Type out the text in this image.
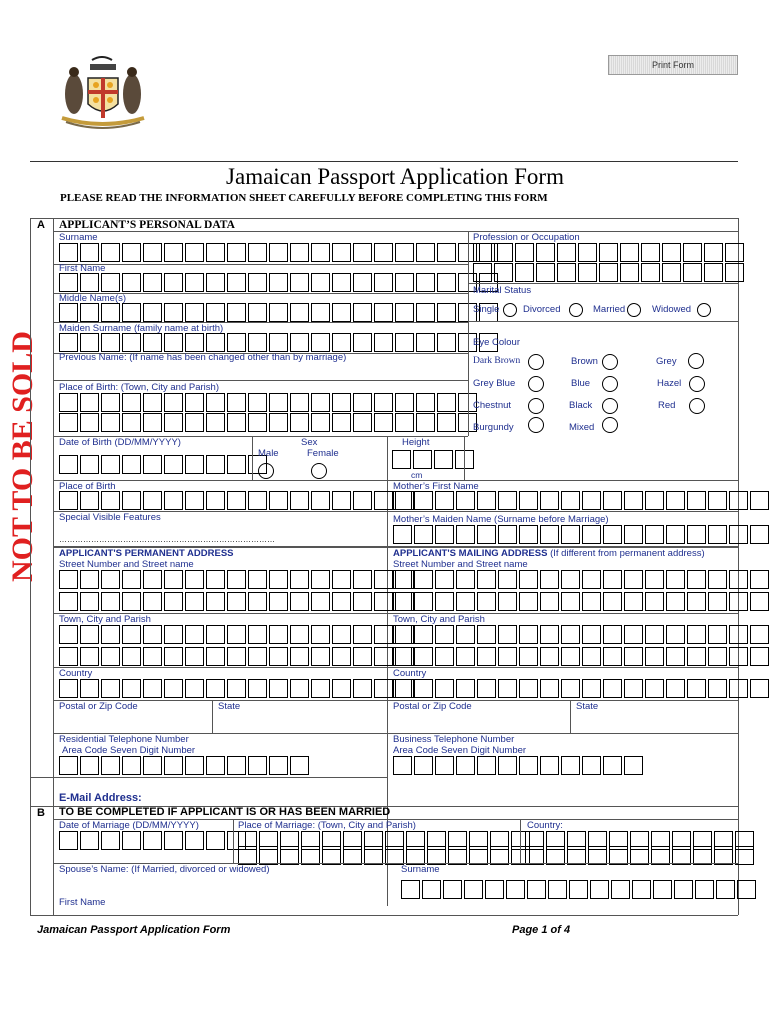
Print Form
Jamaican Passport Application Form
PLEASE READ THE INFORMATION SHEET CAREFULLY BEFORE COMPLETING THIS FORM
NOT TO BE SOLD
A APPLICANT’S PERSONAL DATA
Surname
First Name
Middle Name(s)
Maiden Surname (family name at birth)
Previous Name: (If name has been changed other than by marriage)
Place of Birth: (Town, City and Parish)
Profession or Occupation
Marital Status
Single Divorced	Married	Widowed
Eye Colour
Dark Brown	Brown	Grey
Grey Blue	Blue	Hazel
Chestnut	Black	Red
Burgundy	Mixed
Date of Birth (DD/MM/YYYY)	Sex
Male	Female
Height
cm
Place of Birth	Mother’s First Name
Special Visible Features
………………………………………………………………………
Mother’s Maiden Name (Surname before Marriage)
APPLICANT'S PERMANENT ADDRESS	APPLICANT'S MAILING ADDRESS (If different from permanent address)
Street Number and Street name	Street Number and Street name
Town, City and Parish	Town, City and Parish
Country	Country
Postal or Zip Code	State	Postal or Zip Code	State
Residential Telephone Number
Area Code Seven Digit Number
Business Telephone Number
Area Code Seven Digit Number
E-Mail Address:
B TO BE COMPLETED IF APPLICANT IS OR HAS BEEN MARRIED
Date of Marriage (DD/MM/YYYY)	Place of Marriage: (Town, City and Parish)	Country:
Spouse’s Name: (If Married, divorced or widowed)	Surname
First Name
Jamaican Passport Application Form	Page 1 of 4
